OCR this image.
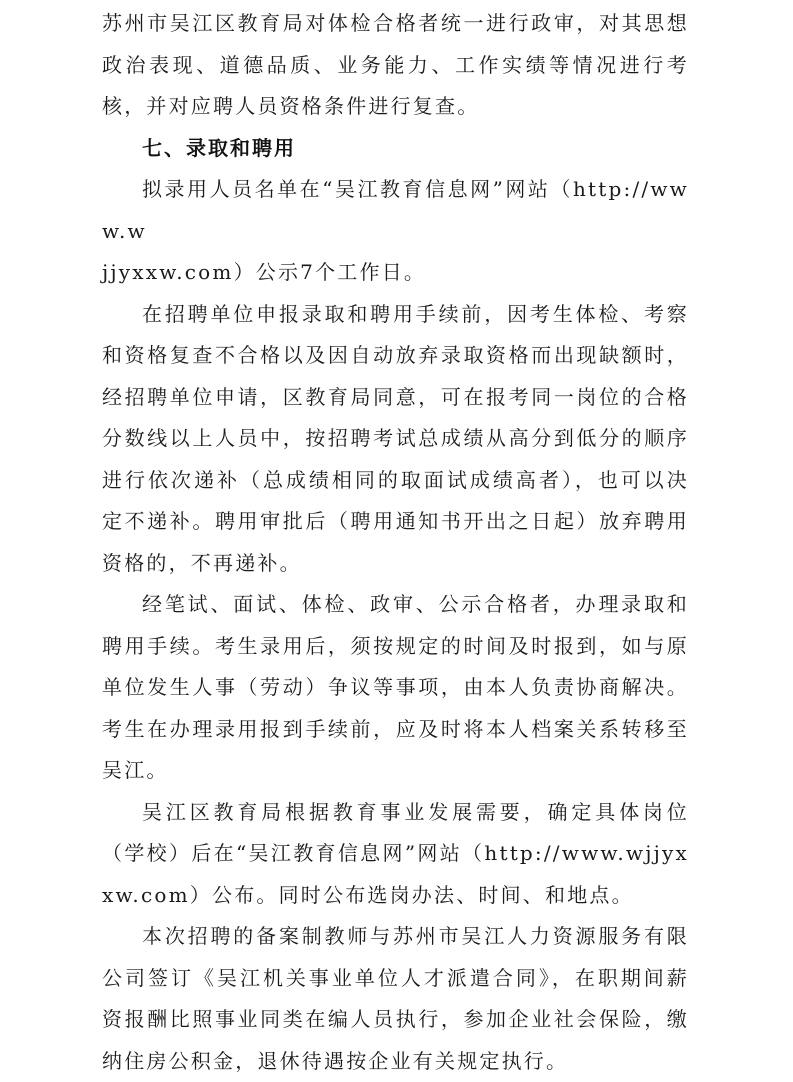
苏州市吴江区教育局对体检合格者统一进行政审，对其思想政治表现、道德品质、业务能力、工作实绩等情况进行考核，并对应聘人员资格条件进行复查。

七、录取和聘用

拟录用人员名单在“吴江教育信息网”网站（http://www.w

jjyxxw.com）公示7个工作日。

在招聘单位申报录取和聘用手续前，因考生体检、考察和资格复查不合格以及因自动放弃录取资格而出现缺额时，经招聘单位申请，区教育局同意，可在报考同一岗位的合格分数线以上人员中，按招聘考试总成绩从高分到低分的顺序进行依次递补（总成绩相同的取面试成绩高者），也可以决定不递补。聘用审批后（聘用通知书开出之日起）放弃聘用资格的，不再递补。

经笔试、面试、体检、政审、公示合格者，办理录取和聘用手续。考生录用后，须按规定的时间及时报到，如与原单位发生人事（劳动）争议等事项，由本人负责协商解决。考生在办理录用报到手续前，应及时将本人档案关系转移至吴江。

吴江区教育局根据教育事业发展需要，确定具体岗位（学校）后在“吴江教育信息网”网站（http://www.wjjyxxw.com）公布。同时公布选岗办法、时间、和地点。

本次招聘的备案制教师与苏州市吴江人力资源服务有限公司签订《吴江机关事业单位人才派遣合同》，在职期间薪资报酬比照事业同类在编人员执行，参加企业社会保险，缴纳住房公积金，退休待遇按企业有关规定执行。
